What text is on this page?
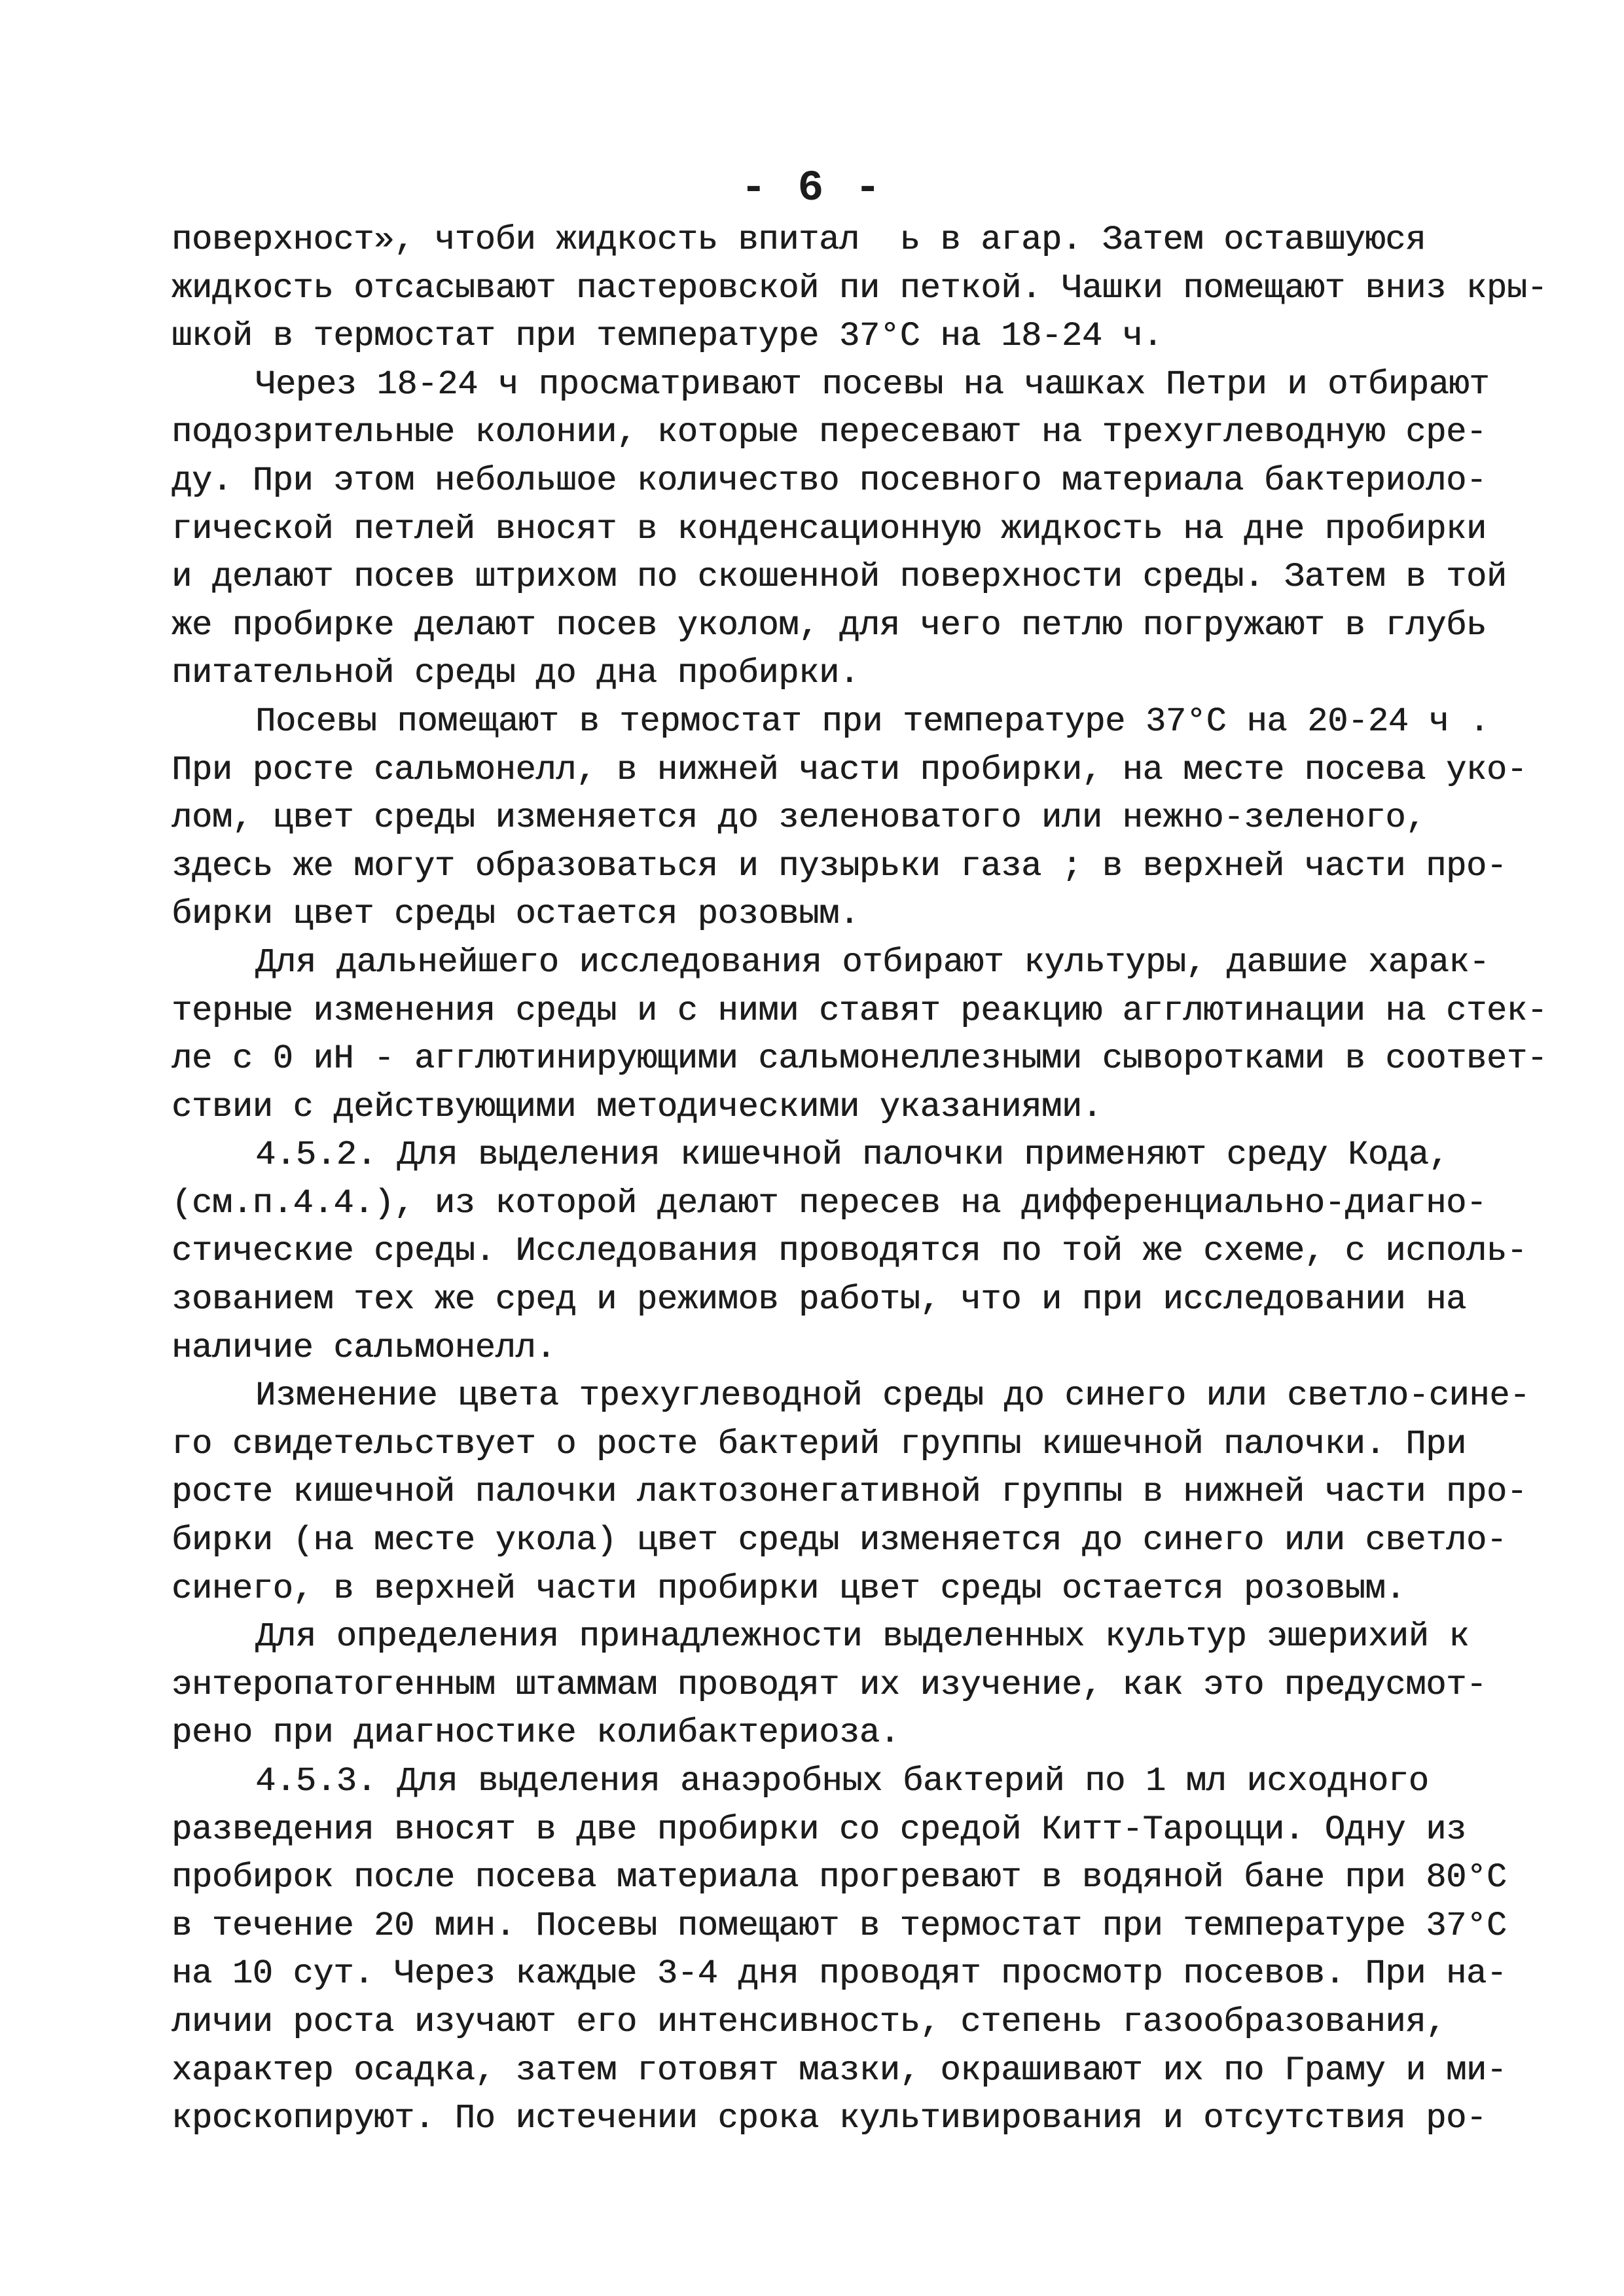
- 6 -
поверхност», чтоби жидкость впитал  ь в агар. Затем оставшуюся
жидкость отсасывают пастеровской пи петкой. Чашки помещают вниз кры-
шкой в термостат при температуре 37°С на 18-24 ч.
Через 18-24 ч просматривают посевы на чашках Петри и отбирают
подозрительные колонии, которые пересевают на трехуглеводную сре-
ду. При этом небольшое количество посевного материала бактериоло-
гической петлей вносят в конденсационную жидкость на дне пробирки
и делают посев штрихом по скошенной поверхности среды. Затем в той
же пробирке делают посев уколом, для чего петлю погружают в глубь
питательной среды до дна пробирки.
Посевы помещают в термостат при температуре 37°С на 20-24 ч .
При росте сальмонелл, в нижней части пробирки, на месте посева уко-
лом, цвет среды изменяется до зеленоватого или нежно-зеленого,
здесь же могут образоваться и пузырьки газа ; в верхней части про-
бирки цвет среды остается розовым.
Для дальнейшего исследования отбирают культуры, давшие харак-
терные изменения среды и с ними ставят реакцию агглютинации на стек-
ле с 0 иН - агглютинирующими сальмонеллезными сыворотками в соответ-
ствии с действующими методическими указаниями.
4.5.2. Для выделения кишечной палочки применяют среду Кода,
(см.п.4.4.), из которой делают пересев на дифференциально-диагно-
стические среды. Исследования проводятся по той же схеме, с исполь-
зованием тех же сред и режимов работы, что и при исследовании на
наличие сальмонелл.
Изменение цвета трехуглеводной среды до синего или светло-сине-
го свидетельствует о росте бактерий группы кишечной палочки. При
росте кишечной палочки лактозонегативной группы в нижней части про-
бирки (на месте укола) цвет среды изменяется до синего или светло-
синего, в верхней части пробирки цвет среды остается розовым.
Для определения принадлежности выделенных культур эшерихий к
энтеропатогенным штаммам проводят их изучение, как это предусмот-
рено при диагностике колибактериоза.
4.5.3. Для выделения анаэробных бактерий по 1 мл исходного
разведения вносят в две пробирки со средой Китт-Тароцци. Одну из
пробирок после посева материала прогревают в водяной бане при 80°С
в течение 20 мин. Посевы помещают в термостат при температуре 37°С
на 10 сут. Через каждые 3-4 дня проводят просмотр посевов. При на-
личии роста изучают его интенсивность, степень газообразования,
характер осадка, затем готовят мазки, окрашивают их по Граму и ми-
кроскопируют. По истечении срока культивирования и отсутствия ро-
